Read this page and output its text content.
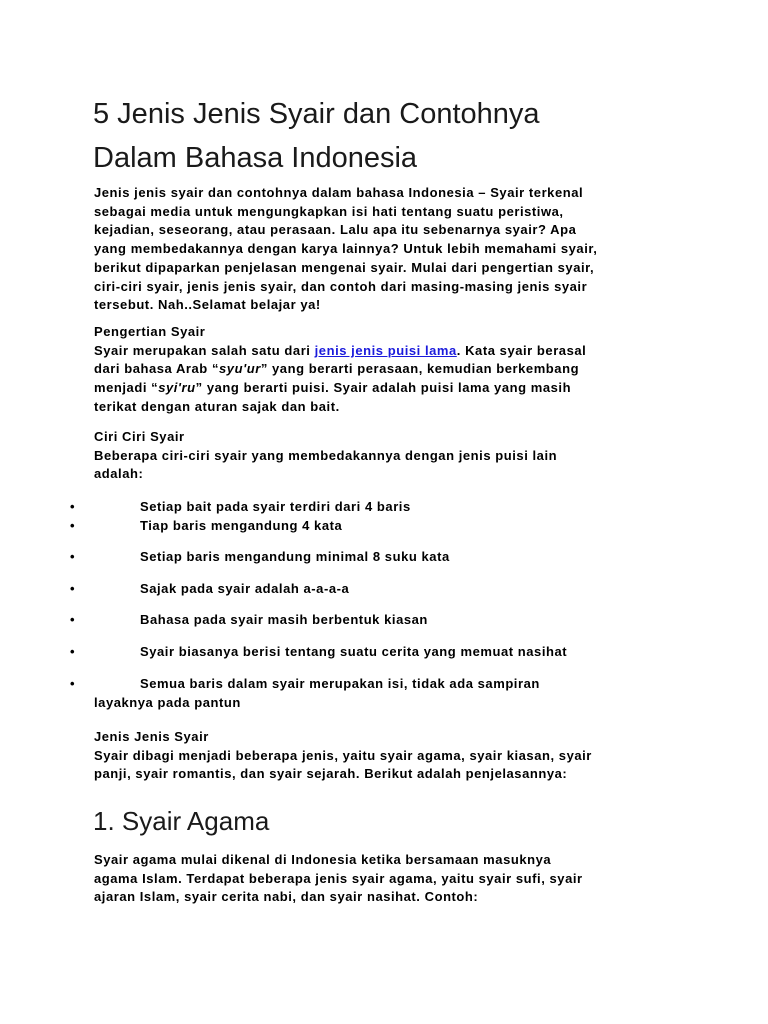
5 Jenis Jenis Syair dan Contohnya
Dalam Bahasa Indonesia
Jenis jenis syair dan contohnya dalam bahasa Indonesia – Syair terkenal
sebagai media untuk mengungkapkan isi hati tentang suatu peristiwa,
kejadian, seseorang, atau perasaan. Lalu apa itu sebenarnya syair? Apa
yang membedakannya dengan karya lainnya? Untuk lebih memahami syair,
berikut dipaparkan penjelasan mengenai syair. Mulai dari pengertian syair,
ciri-ciri syair, jenis jenis syair, dan contoh dari masing-masing jenis syair
tersebut. Nah..Selamat belajar ya!
Pengertian Syair
Syair merupakan salah satu dari jenis jenis puisi lama. Kata syair berasal
dari bahasa Arab “syu'ur” yang berarti perasaan, kemudian berkembang
menjadi “syi'ru” yang berarti puisi. Syair adalah puisi lama yang masih
terikat dengan aturan sajak dan bait.
Ciri Ciri Syair
Beberapa ciri-ciri syair yang membedakannya dengan jenis puisi lain
adalah:
•	Setiap bait pada syair terdiri dari 4 baris
•	Tiap baris mengandung 4 kata
•	Setiap baris mengandung minimal 8 suku kata
•	Sajak pada syair adalah a-a-a-a
•	Bahasa pada syair masih berbentuk kiasan
•	Syair biasanya berisi tentang suatu cerita yang memuat nasihat
•	Semua baris dalam syair merupakan isi, tidak ada sampiran
layaknya pada pantun
Jenis Jenis Syair
Syair dibagi menjadi beberapa jenis, yaitu syair agama, syair kiasan, syair
panji, syair romantis, dan syair sejarah. Berikut adalah penjelasannya:
1. Syair Agama
Syair agama mulai dikenal di Indonesia ketika bersamaan masuknya
agama Islam. Terdapat beberapa jenis syair agama, yaitu syair sufi, syair
ajaran Islam, syair cerita nabi, dan syair nasihat. Contoh:
